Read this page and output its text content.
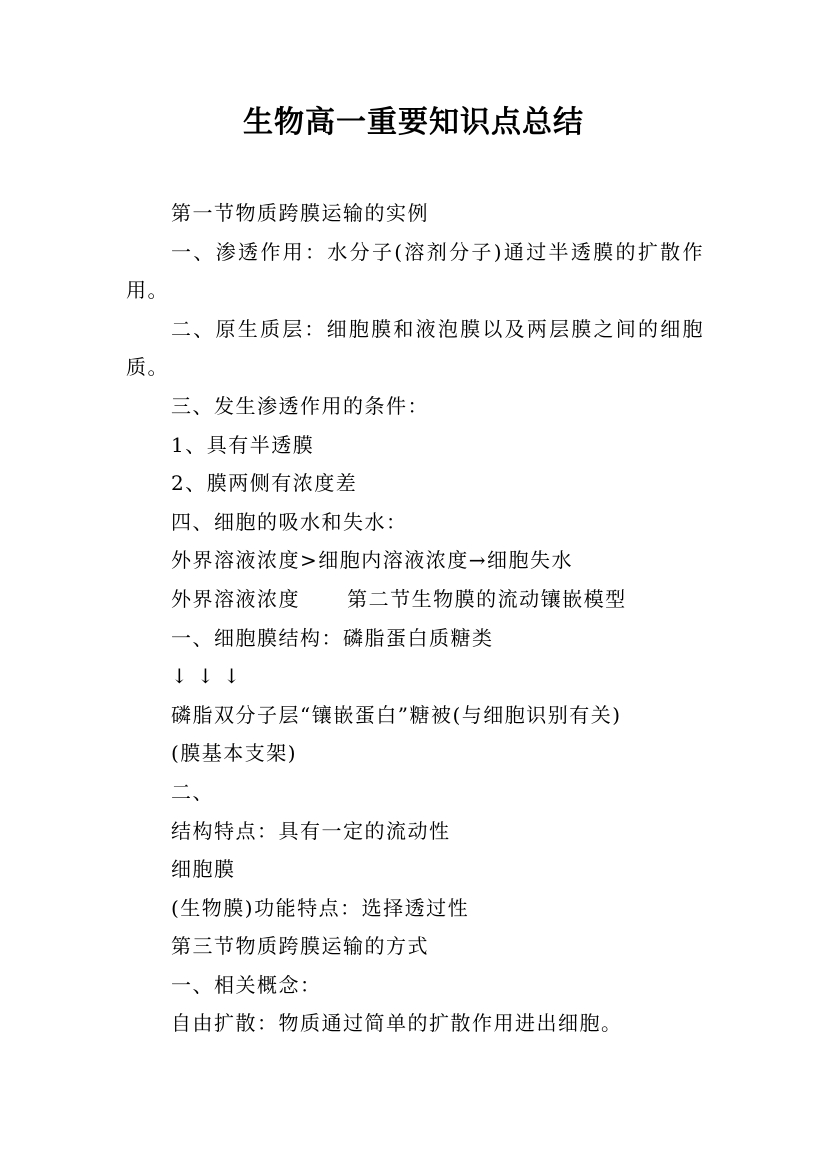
生物高一重要知识点总结

第一节物质跨膜运输的实例

一、渗透作用：水分子(溶剂分子)通过半透膜的扩散作用。

二、原生质层：细胞膜和液泡膜以及两层膜之间的细胞质。

三、发生渗透作用的条件：

1、具有半透膜

2、膜两侧有浓度差

四、细胞的吸水和失水：

外界溶液浓度>细胞内溶液浓度→细胞失水

外界溶液浓度      第二节生物膜的流动镶嵌模型

一、细胞膜结构：磷脂蛋白质糖类

↓ ↓ ↓

磷脂双分子层“镶嵌蛋白”糖被(与细胞识别有关)

(膜基本支架)

二、

结构特点：具有一定的流动性

细胞膜

(生物膜)功能特点：选择透过性

第三节物质跨膜运输的方式

一、相关概念：

自由扩散：物质通过简单的扩散作用进出细胞。
